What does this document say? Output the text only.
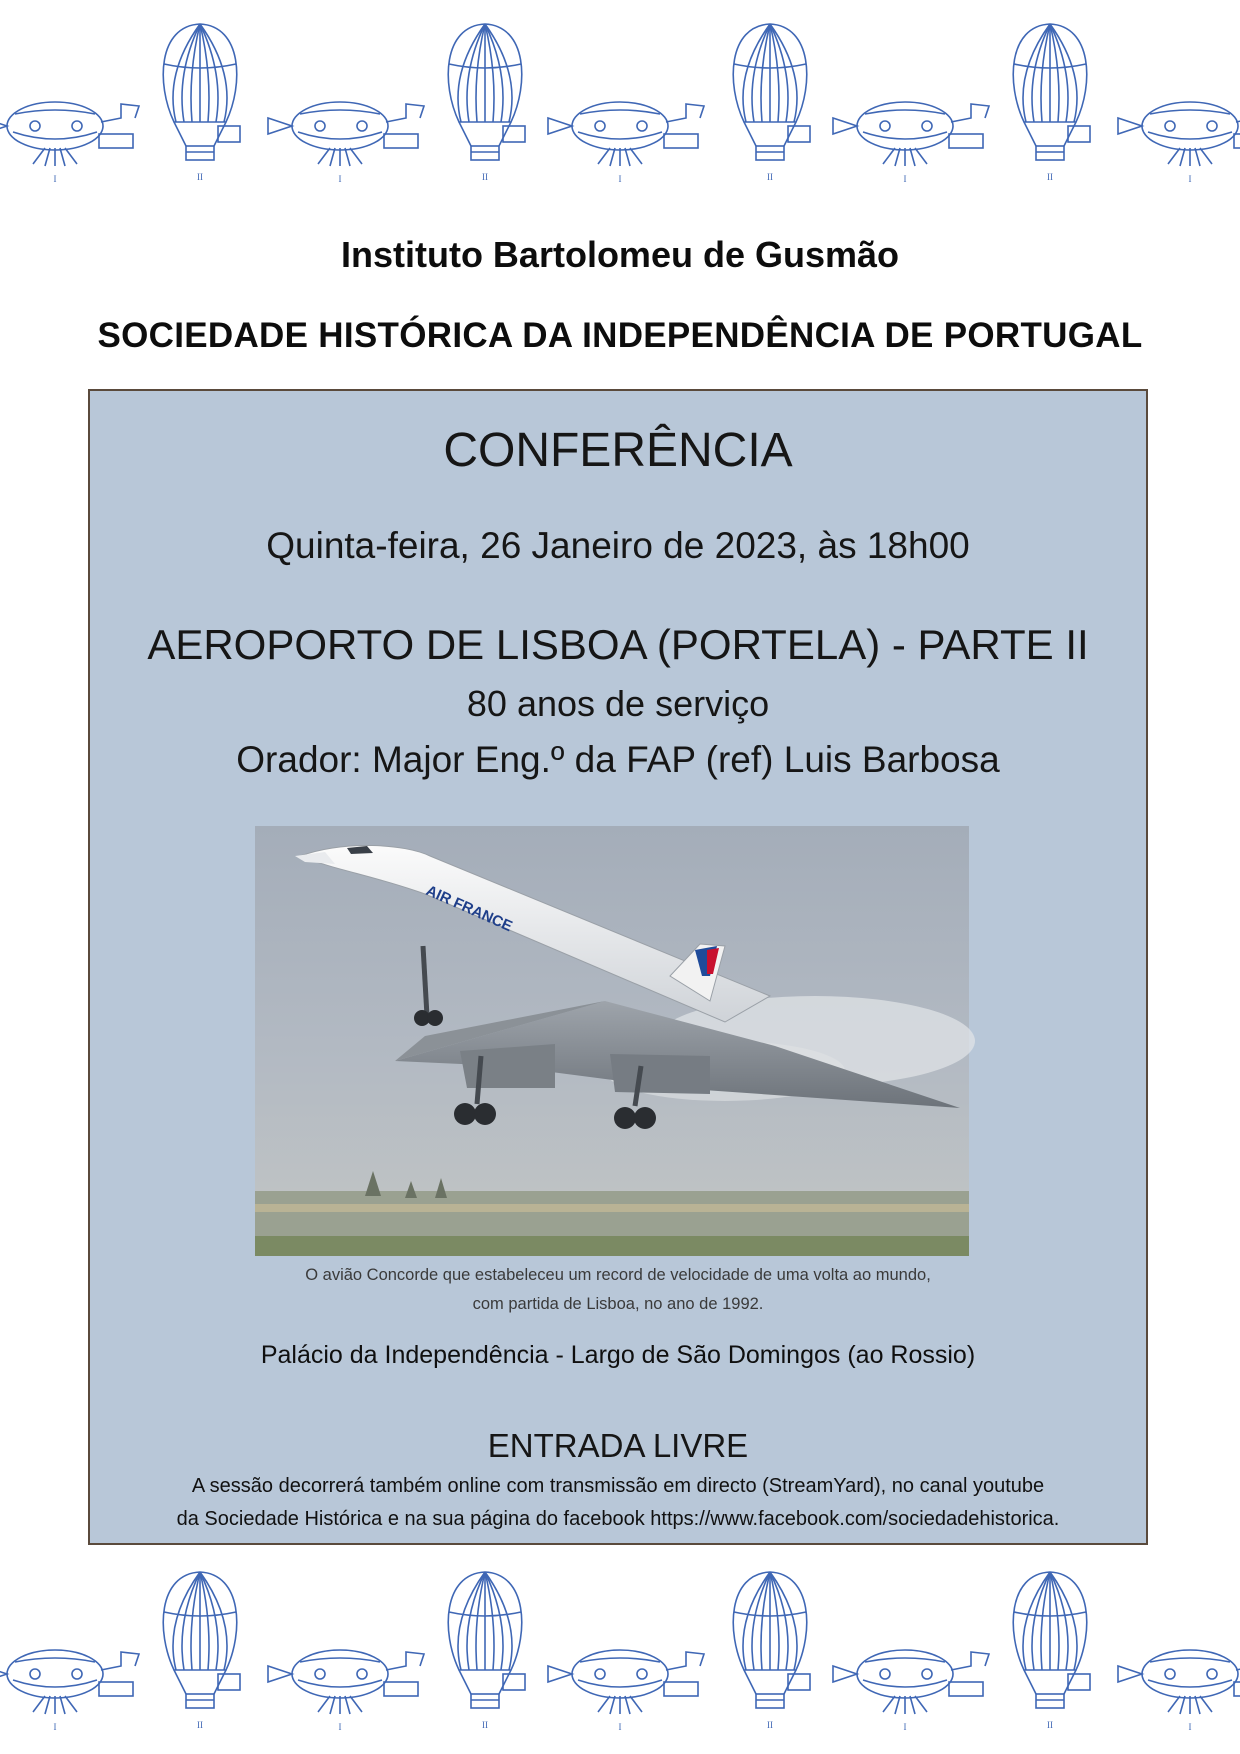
I	II	I	II	I	II	I	II	I
Instituto Bartolomeu de Gusmão
SOCIEDADE HISTÓRICA DA INDEPENDÊNCIA DE PORTUGAL
CONFERÊNCIA
Quinta-feira, 26 Janeiro de 2023, às 18h00
AEROPORTO DE LISBOA (PORTELA) - PARTE II
80 anos de serviço
Orador: Major Eng.º da FAP (ref) Luis Barbosa
AIR FRANCE
O avião Concorde que estabeleceu um record de velocidade de uma volta ao mundo,
com partida de Lisboa, no ano de 1992.
Palácio da Independência - Largo de São Domingos (ao Rossio)
ENTRADA LIVRE
A sessão decorrerá também online com transmissão em directo (StreamYard), no canal youtube
da Sociedade Histórica e na sua página do facebook https://www.facebook.com/sociedadehistorica.
I	II	I	II	I	II	I	II	I
